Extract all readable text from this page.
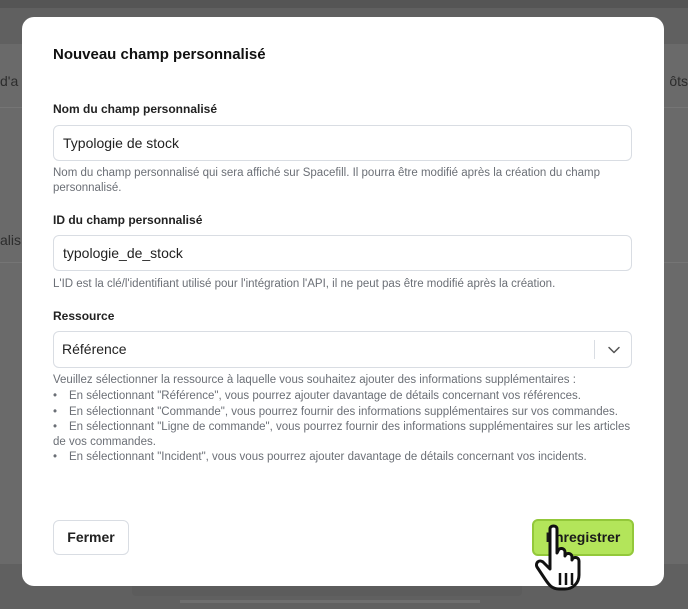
d'a	ôts
alis
Nouveau champ personnalisé
Nom du champ personnalisé
Typologie de stock
Nom du champ personnalisé qui sera affiché sur Spacefill. Il pourra être modifié après la création du champ personnalisé.
ID du champ personnalisé
typologie_de_stock
L'ID est la clé/l'identifiant utilisé pour l'intégration l'API, il ne peut pas être modifié après la création.
Ressource
Référence
Veuillez sélectionner la ressource à laquelle vous souhaitez ajouter des informations supplémentaires :
• En sélectionnant "Référence", vous pourrez ajouter davantage de détails concernant vos références.
• En sélectionnant "Commande", vous pourrez fournir des informations supplémentaires sur vos commandes.
• En sélectionnant "Ligne de commande", vous pourrez fournir des informations supplémentaires sur les articles de vos commandes.
• En sélectionnant "Incident", vous vous pourrez ajouter davantage de détails concernant vos incidents.
Fermer	Enregistrer
